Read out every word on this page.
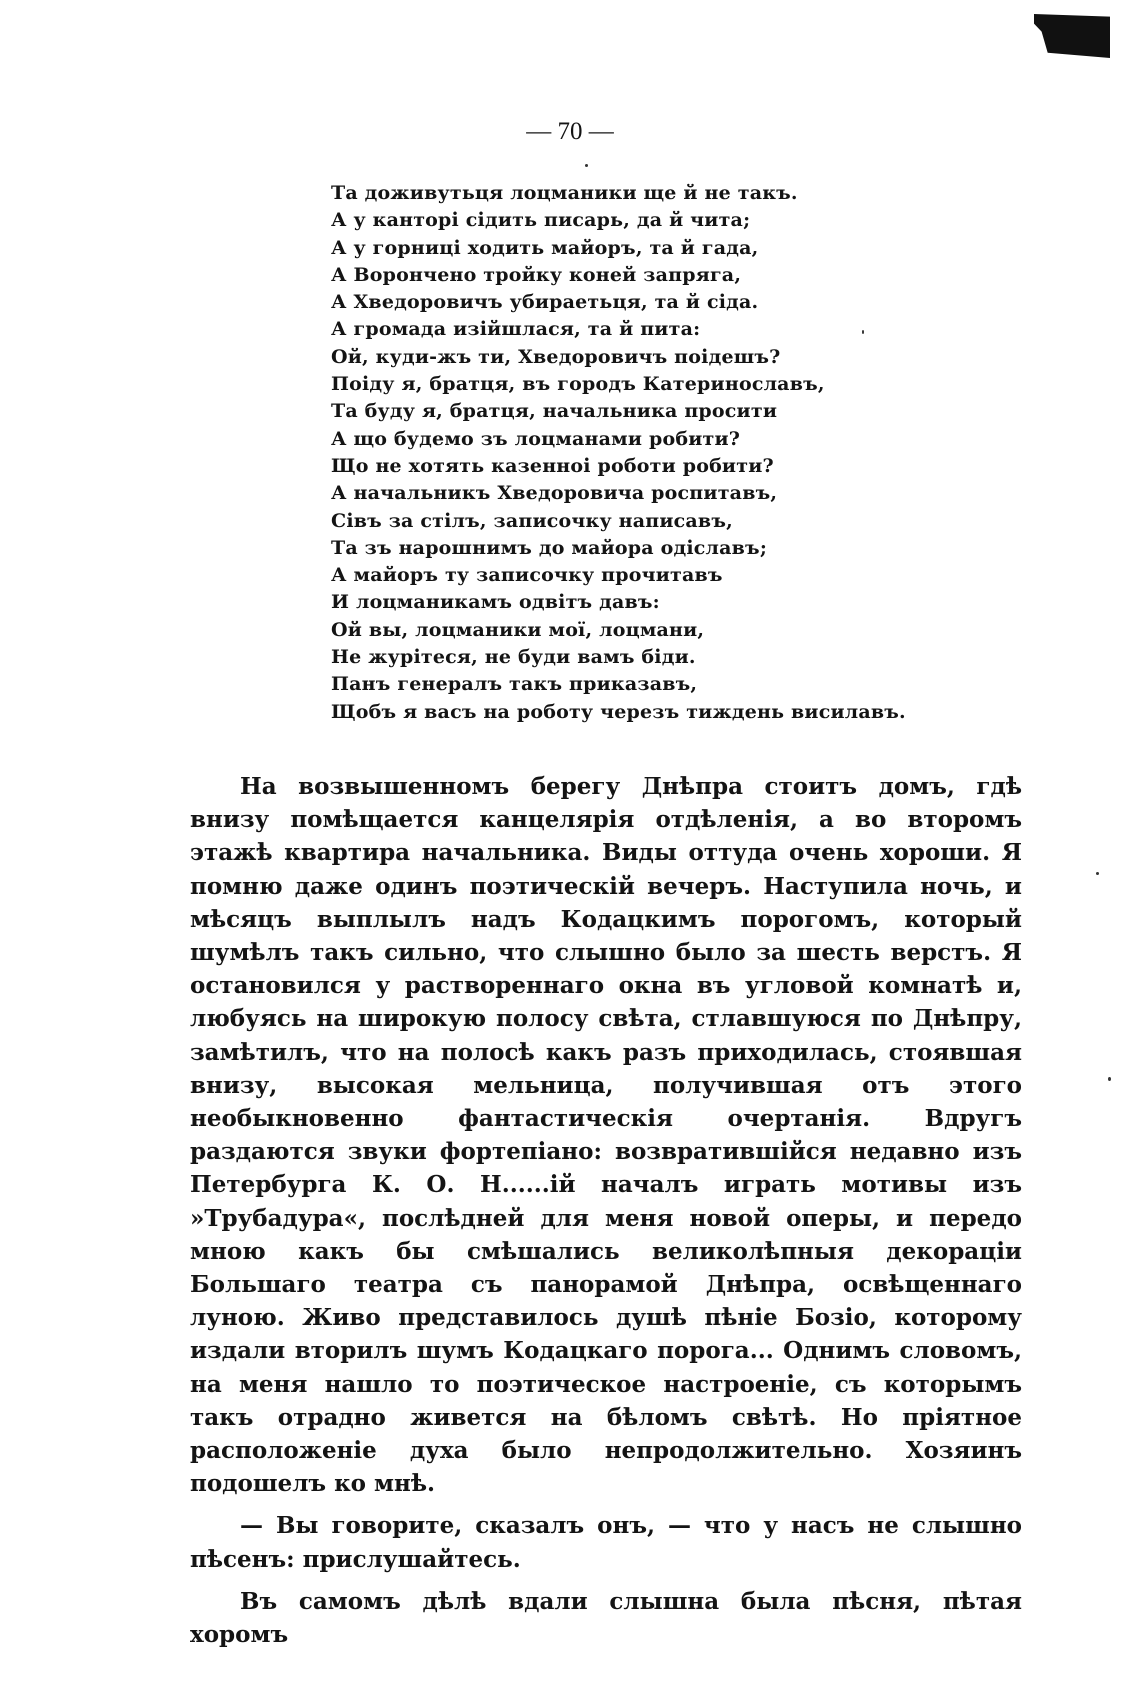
— 70 —
Та доживутьця лоцманики ще й не такъ.
А у канторі сідить писарь, да й чита;
А у горниці ходить майоръ, та й гада,
А Ворончено тройку коней запряга,
А Хведоровичъ убираетьця, та й сіда.
А громада изійшлася, та й пита:
Ой, куди-жъ ти, Хведоровичъ поідешъ?
Поіду я, братця, въ городъ Катеринославъ,
Та буду я, братця, начальника просити
А що будемо зъ лоцманами робити?
Що не хотять казенноі роботи робити?
А начальникъ Хведоровича роспитавъ,
Сівъ за стілъ, записочку написавъ,
Та зъ нарошнимъ до майора одіславъ;
А майоръ ту записочку прочитавъ
И лоцманикамъ одвітъ давъ:
Ой вы, лоцманики мої, лоцмани,
Не журітеся, не буди вамъ біди.
Панъ генералъ такъ приказавъ,
Щобъ я васъ на роботу черезъ тиждень висилавъ.

На возвышенномъ берегу Днѣпра стоитъ домъ, гдѣ внизу помѣщается канцелярія отдѣленія, а во второмъ этажѣ квартира начальника. Виды оттуда очень хороши. Я помню даже одинъ поэтическій вечеръ. Наступила ночь, и мѣсяцъ выплылъ надъ Кодацкимъ порогомъ, который шумѣлъ такъ сильно, что слышно было за шесть верстъ. Я остановился у раствореннаго окна въ угловой комнатѣ и, любуясь на широкую полосу свѣта, стлавшуюся по Днѣпру, замѣтилъ, что на полосѣ какъ разъ приходилась, стоявшая внизу, высокая мельница, получившая отъ этого необыкновенно фантастическія очертанія. Вдругъ раздаются звуки фортепіано: возвратившійся недавно изъ Петербурга К. О. Н......ій началъ играть мотивы изъ »Трубадура«, послѣдней для меня новой оперы, и передо мною какъ бы смѣшались великолѣпныя декораціи Большаго театра съ панорамой Днѣпра, освѣщеннаго луною. Живо представилось душѣ пѣніе Бозіо, которому издали вторилъ шумъ Кодацкаго порога... Однимъ словомъ, на меня нашло то поэтическое настроеніе, съ которымъ такъ отрадно живется на бѣломъ свѣтѣ. Но пріятное расположеніе духа было непродолжительно. Хозяинъ подошелъ ко мнѣ.

— Вы говорите, сказалъ онъ, — что у насъ не слышно пѣсенъ: прислушайтесь.

Въ самомъ дѣлѣ вдали слышна была пѣсня, пѣтая хоромъ
